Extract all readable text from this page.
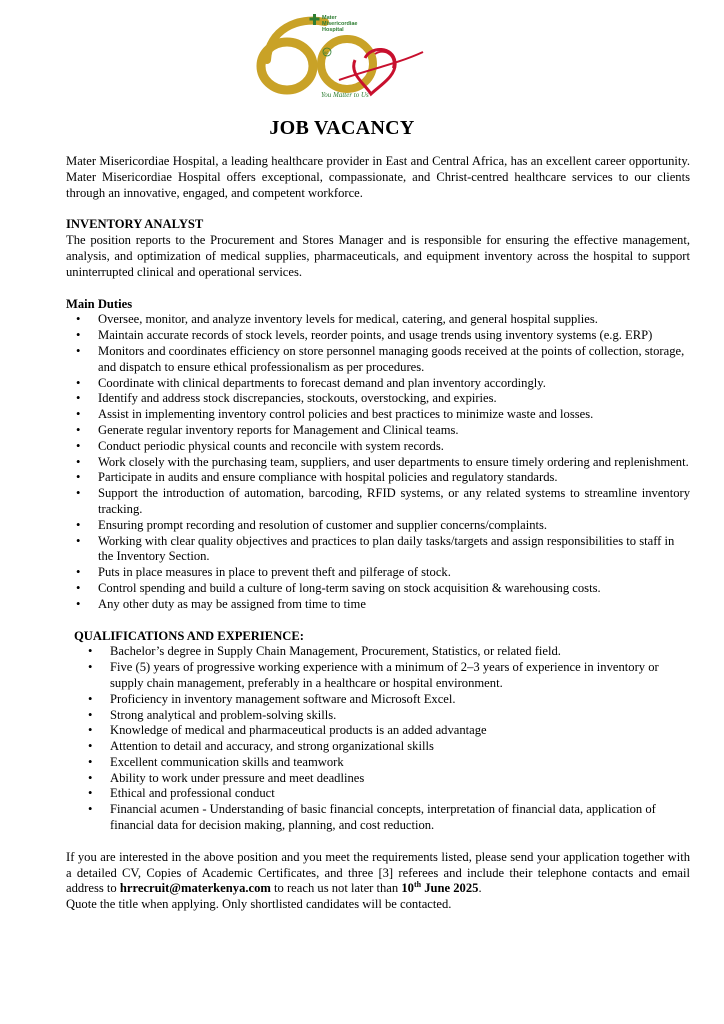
Mater
Misericordiae
Hospital
60
You Matter to Us
JOB VACANCY

Mater Misericordiae Hospital, a leading healthcare provider in East and Central Africa, has an excellent career opportunity. Mater Misericordiae Hospital offers exceptional, compassionate, and Christ-centred healthcare services to our clients through an innovative, engaged, and competent workforce.

INVENTORY ANALYST

The position reports to the Procurement and Stores Manager and is responsible for ensuring the effective management, analysis, and optimization of medical supplies, pharmaceuticals, and equipment inventory across the hospital to support uninterrupted clinical and operational services.

Main Duties
• Oversee, monitor, and analyze inventory levels for medical, catering, and general hospital supplies.
• Maintain accurate records of stock levels, reorder points, and usage trends using inventory systems (e.g. ERP)
• Monitors and coordinates efficiency on store personnel managing goods received at the points of collection, storage, and dispatch to ensure ethical professionalism as per procedures.
• Coordinate with clinical departments to forecast demand and plan inventory accordingly.
• Identify and address stock discrepancies, stockouts, overstocking, and expiries.
• Assist in implementing inventory control policies and best practices to minimize waste and losses.
• Generate regular inventory reports for Management and Clinical teams.
• Conduct periodic physical counts and reconcile with system records.
• Work closely with the purchasing team, suppliers, and user departments to ensure timely ordering and replenishment.
• Participate in audits and ensure compliance with hospital policies and regulatory standards.
• Support the introduction of automation, barcoding, RFID systems, or any related systems to streamline inventory tracking.
• Ensuring prompt recording and resolution of customer and supplier concerns/complaints.
• Working with clear quality objectives and practices to plan daily tasks/targets and assign responsibilities to staff in the Inventory Section.
• Puts in place measures in place to prevent theft and pilferage of stock.
• Control spending and build a culture of long-term saving on stock acquisition & warehousing costs.
• Any other duty as may be assigned from time to time
QUALIFICATIONS AND EXPERIENCE:
• Bachelor’s degree in Supply Chain Management, Procurement, Statistics, or related field.
• Five (5) years of progressive working experience with a minimum of 2–3 years of experience in inventory or supply chain management, preferably in a healthcare or hospital environment.
• Proficiency in inventory management software and Microsoft Excel.
• Strong analytical and problem-solving skills.
• Knowledge of medical and pharmaceutical products is an added advantage
• Attention to detail and accuracy, and strong organizational skills
• Excellent communication skills and teamwork
• Ability to work under pressure and meet deadlines
• Ethical and professional conduct
• Financial acumen - Understanding of basic financial concepts, interpretation of financial data, application of financial data for decision making, planning, and cost reduction.

If you are interested in the above position and you meet the requirements listed, please send your application together with a detailed CV, Copies of Academic Certificates, and three [3] referees and include their telephone contacts and email address to hrrecruit@materkenya.com to reach us not later than 10th June 2025.

Quote the title when applying. Only shortlisted candidates will be contacted.
